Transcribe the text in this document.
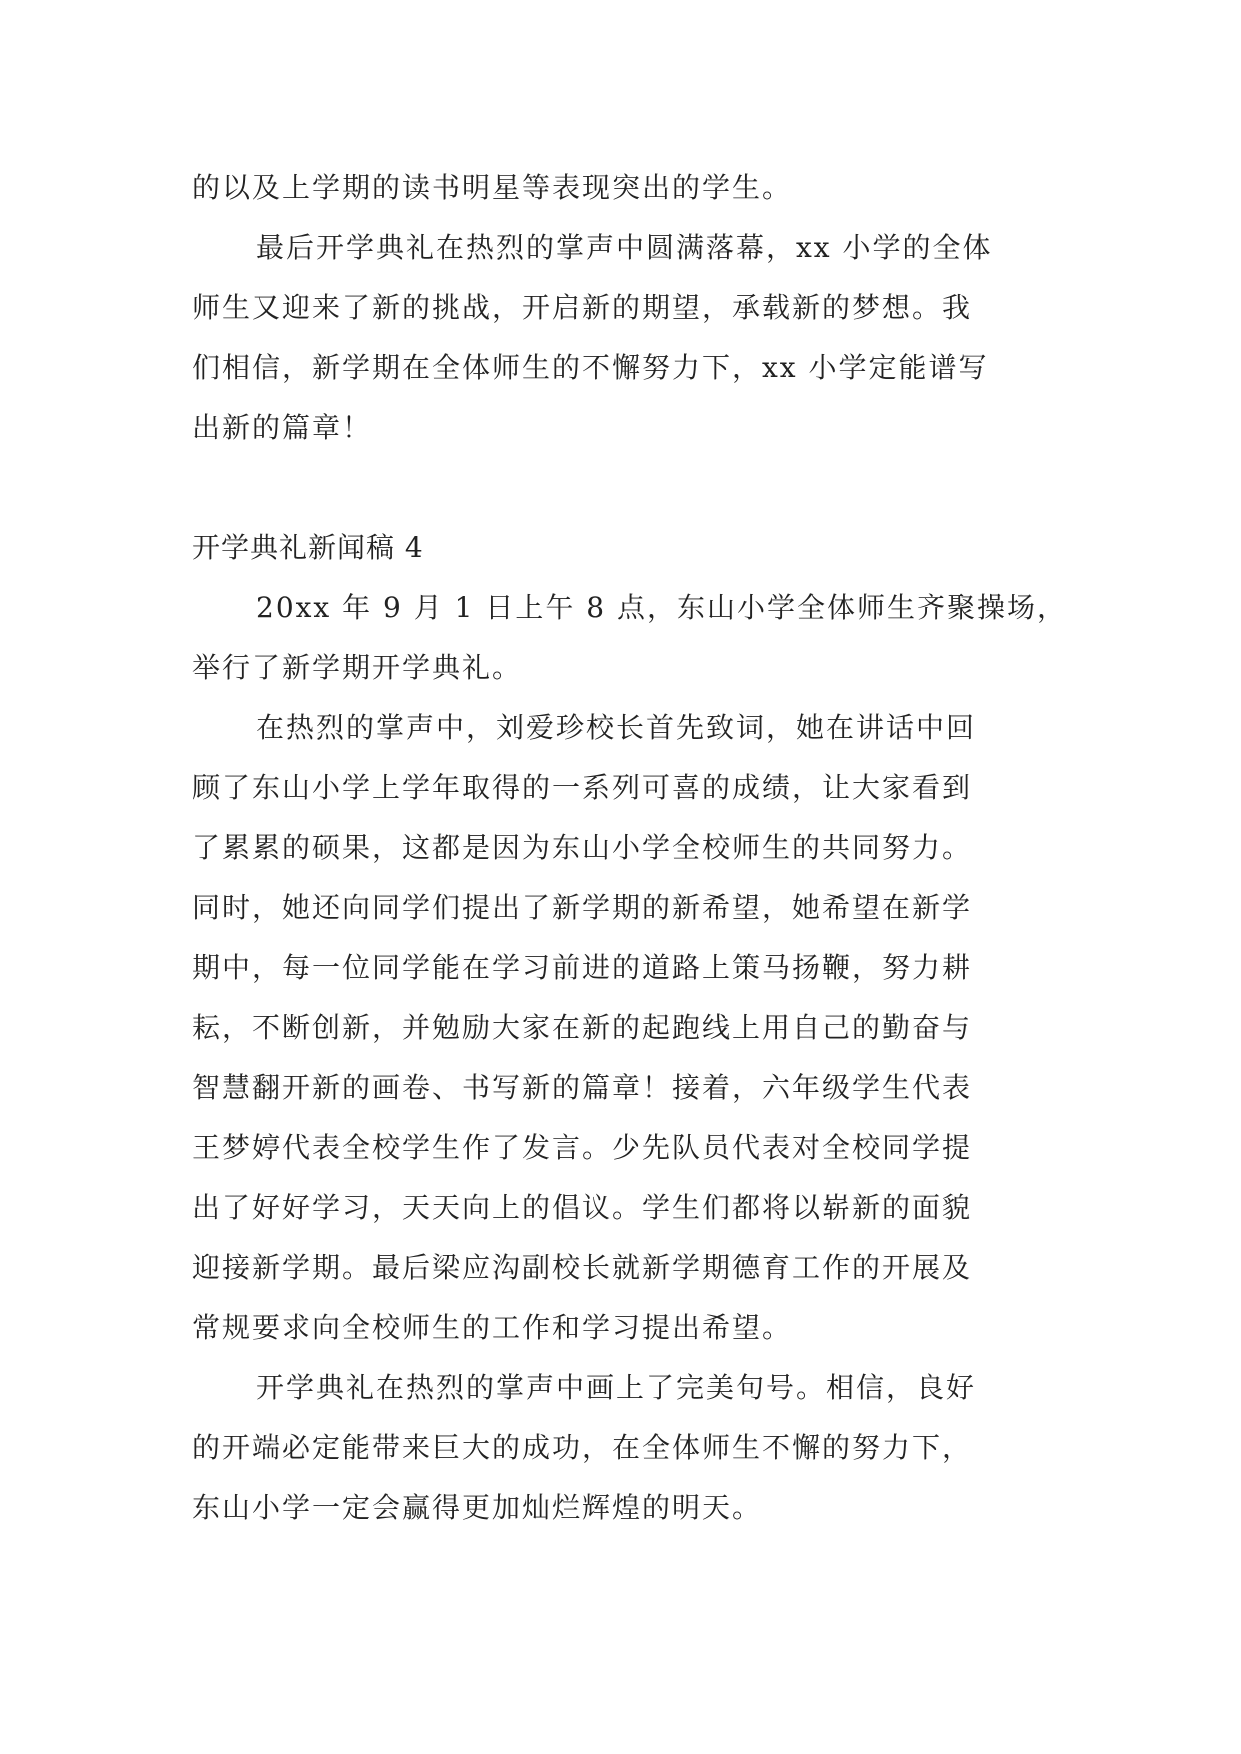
的以及上学期的读书明星等表现突出的学生。
最后开学典礼在热烈的掌声中圆满落幕，xx 小学的全体
师生又迎来了新的挑战，开启新的期望，承载新的梦想。我
们相信，新学期在全体师生的不懈努力下，xx 小学定能谱写
出新的篇章！
开学典礼新闻稿 4
20xx 年 9 月 1 日上午 8 点，东山小学全体师生齐聚操场，
举行了新学期开学典礼。
在热烈的掌声中，刘爱珍校长首先致词，她在讲话中回
顾了东山小学上学年取得的一系列可喜的成绩，让大家看到
了累累的硕果，这都是因为东山小学全校师生的共同努力。
同时，她还向同学们提出了新学期的新希望，她希望在新学
期中，每一位同学能在学习前进的道路上策马扬鞭，努力耕
耘，不断创新，并勉励大家在新的起跑线上用自己的勤奋与
智慧翻开新的画卷、书写新的篇章！接着，六年级学生代表
王梦婷代表全校学生作了发言。少先队员代表对全校同学提
出了好好学习，天天向上的倡议。学生们都将以崭新的面貌
迎接新学期。最后梁应沟副校长就新学期德育工作的开展及
常规要求向全校师生的工作和学习提出希望。
开学典礼在热烈的掌声中画上了完美句号。相信，良好
的开端必定能带来巨大的成功，在全体师生不懈的努力下，
东山小学一定会赢得更加灿烂辉煌的明天。
